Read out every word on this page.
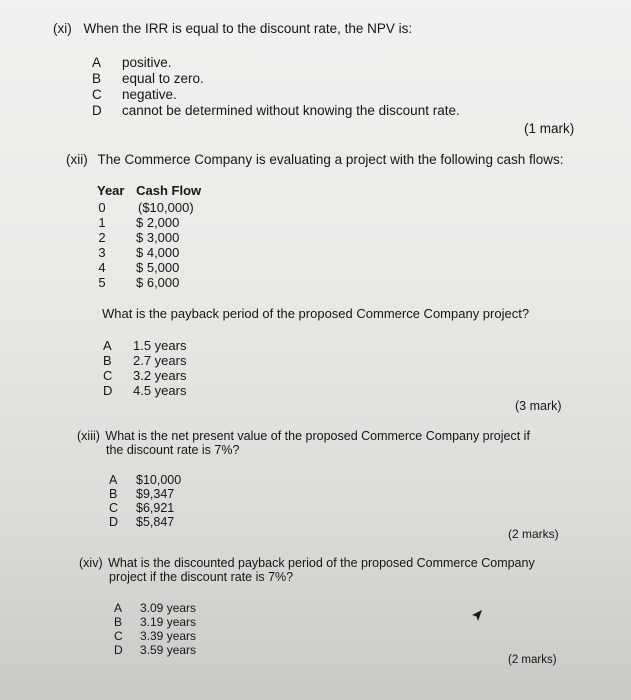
(xi) When the IRR is equal to the discount rate, the NPV is:
A positive.
B equal to zero.
C negative.
D cannot be determined without knowing the discount rate.
(1 mark)
(xii) The Commerce Company is evaluating a project with the following cash flows:
Year Cash Flow
0 ($10,000)
1 $ 2,000
2 $ 3,000
3 $ 4,000
4 $ 5,000
5 $ 6,000
What is the payback period of the proposed Commerce Company project?
A 1.5 years
B 2.7 years
C 3.2 years
D 4.5 years
(3 mark)
(xiii) What is the net present value of the proposed Commerce Company project if
the discount rate is 7%?
A $10,000
B $9,347
C $6,921
D $5,847
(2 marks)
(xiv) What is the discounted payback period of the proposed Commerce Company
project if the discount rate is 7%?
A 3.09 years
B 3.19 years
C 3.39 years
D 3.59 years
(2 marks)
